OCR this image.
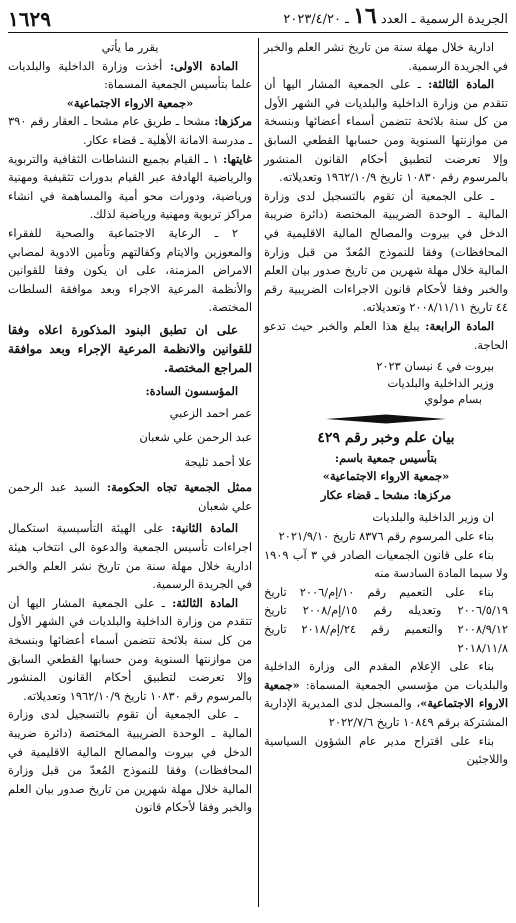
الجريدة الرسمية ـ العدد ١٦ ـ ٢٠٢٣/٤/٢٠
١٦٢٩

ادارية خلال مهلة سنة من تاريخ نشر العلم والخبر في الجريدة الرسمية.

المادة الثالثة: ـ على الجمعية المشار اليها أن تتقدم من وزارة الداخلية والبلديات في الشهر الأول من كل سنة بلائحة تتضمن أسماء أعضائها وبنسخة من موازنتها السنوية ومن حسابها القطعي السابق وإلا تعرضت لتطبيق أحكام القانون المنشور بالمرسوم رقم ١٠٨٣٠ تاريخ ١٩٦٢/١٠/٩ وتعديلاته.

ـ على الجمعية أن تقوم بالتسجيل لدى وزارة المالية ـ الوحدة الضريبية المختصة (دائرة ضريبة الدخل في بيروت والمصالح المالية الاقليمية في المحافظات) وفقا للنموذج المُعدّ من قبل وزارة المالية خلال مهلة شهرين من تاريخ صدور بيان العلم والخبر وفقا لأحكام قانون الاجراءات الضريبية رقم ٤٤ تاريخ ٢٠٠٨/١١/١١ وتعديلاته.

المادة الرابعة: يبلغ هذا العلم والخبر حيث تدعو الحاجة.

بيروت في ٤ نيسان ٢٠٢٣

وزير الداخلية والبلديات

بسام مولوي

بيان علم وخبر رقم ٤٢٩

بتأسيس جمعية باسم:

«جمعية الارواء الاجتماعية»

مركزها: مشحا ـ قضاء عكار

ان وزير الداخلية والبلديات

بناء على المرسوم رقم ٨٣٧٦ تاريخ ٢٠٢١/٩/١٠

بناء على قانون الجمعيات الصادر في ٣ آب ١٩٠٩ ولا سيما المادة السادسة منه

بناء على التعميم رقم ١٠/إم/٢٠٠٦ تاريخ ٢٠٠٦/٥/١٩ وتعديله رقم ١٥/إم/٢٠٠٨ تاريخ ٢٠٠٨/٩/١٢ والتعميم رقم ٢٤/إم/٢٠١٨ تاريخ ٢٠١٨/١١/٨

بناء على الإعلام المقدم الى وزارة الداخلية والبلديات من مؤسسي الجمعية المسماة: «جمعية الارواء الاجتماعية»، والمسجل لدى المديرية الإدارية المشتركة برقم ١٠٨٤٩ تاريخ ٢٠٢٢/٧/٦

بناء على اقتراح مدير عام الشؤون السياسية واللاجئين

يقرر ما يأتي

المادة الاولى: أخذت وزارة الداخلية والبلديات علما بتأسيس الجمعية المسماة:

«جمعية الارواء الاجتماعية»

مركزها: مشحا ـ طريق عام مشحا ـ العقار رقم ٣٩٠ ـ مدرسة الامانة الأهلية ـ قضاء عكار.

غايتها: ١ ـ القيام بجميع النشاطات الثقافية والتربوية والرياضية الهادفة عبر القيام بدورات تثقيفية ومهنية ورياضية، ودورات محو أمية والمساهمة في انشاء مراكز تربوية ومهنية ورياضية لذلك.

٢ ـ الرعاية الاجتماعية والصحية للفقراء والمعوزين والايتام وكفالتهم وتأمين الادوية لمصابي الامراض المزمنة، على ان يكون وفقا للقوانين والأنظمة المرعية الاجراء وبعد موافقة السلطات المختصة.

على ان تطبق البنود المذكورة اعلاه وفقا للقوانين والانظمة المرعية الإجراء وبعد موافقة المراجع المختصة.

المؤسسون السادة:

عمر احمد الزعبي

عبد الرحمن علي شعبان

علا أحمد ثليجة

ممثل الجمعية تجاه الحكومة: السيد عبد الرحمن علي شعبان

المادة الثانية: على الهيئة التأسيسية استكمال اجراءات تأسيس الجمعية والدعوة الى انتخاب هيئة ادارية خلال مهلة سنة من تاريخ نشر العلم والخبر في الجريدة الرسمية.

المادة الثالثة: ـ على الجمعية المشار اليها أن تتقدم من وزارة الداخلية والبلديات في الشهر الأول من كل سنة بلائحة تتضمن أسماء أعضائها وبنسخة من موازنتها السنوية ومن حسابها القطعي السابق وإلا تعرضت لتطبيق أحكام القانون المنشور بالمرسوم رقم ١٠٨٣٠ تاريخ ١٩٦٢/١٠/٩ وتعديلاته.

ـ على الجمعية أن تقوم بالتسجيل لدى وزارة المالية ـ الوحدة الضريبية المختصة (دائرة ضريبة الدخل في بيروت والمصالح المالية الاقليمية في المحافظات) وفقا للنموذج المُعدّ من قبل وزارة المالية خلال مهلة شهرين من تاريخ صدور بيان العلم والخبر وفقا لأحكام قانون
